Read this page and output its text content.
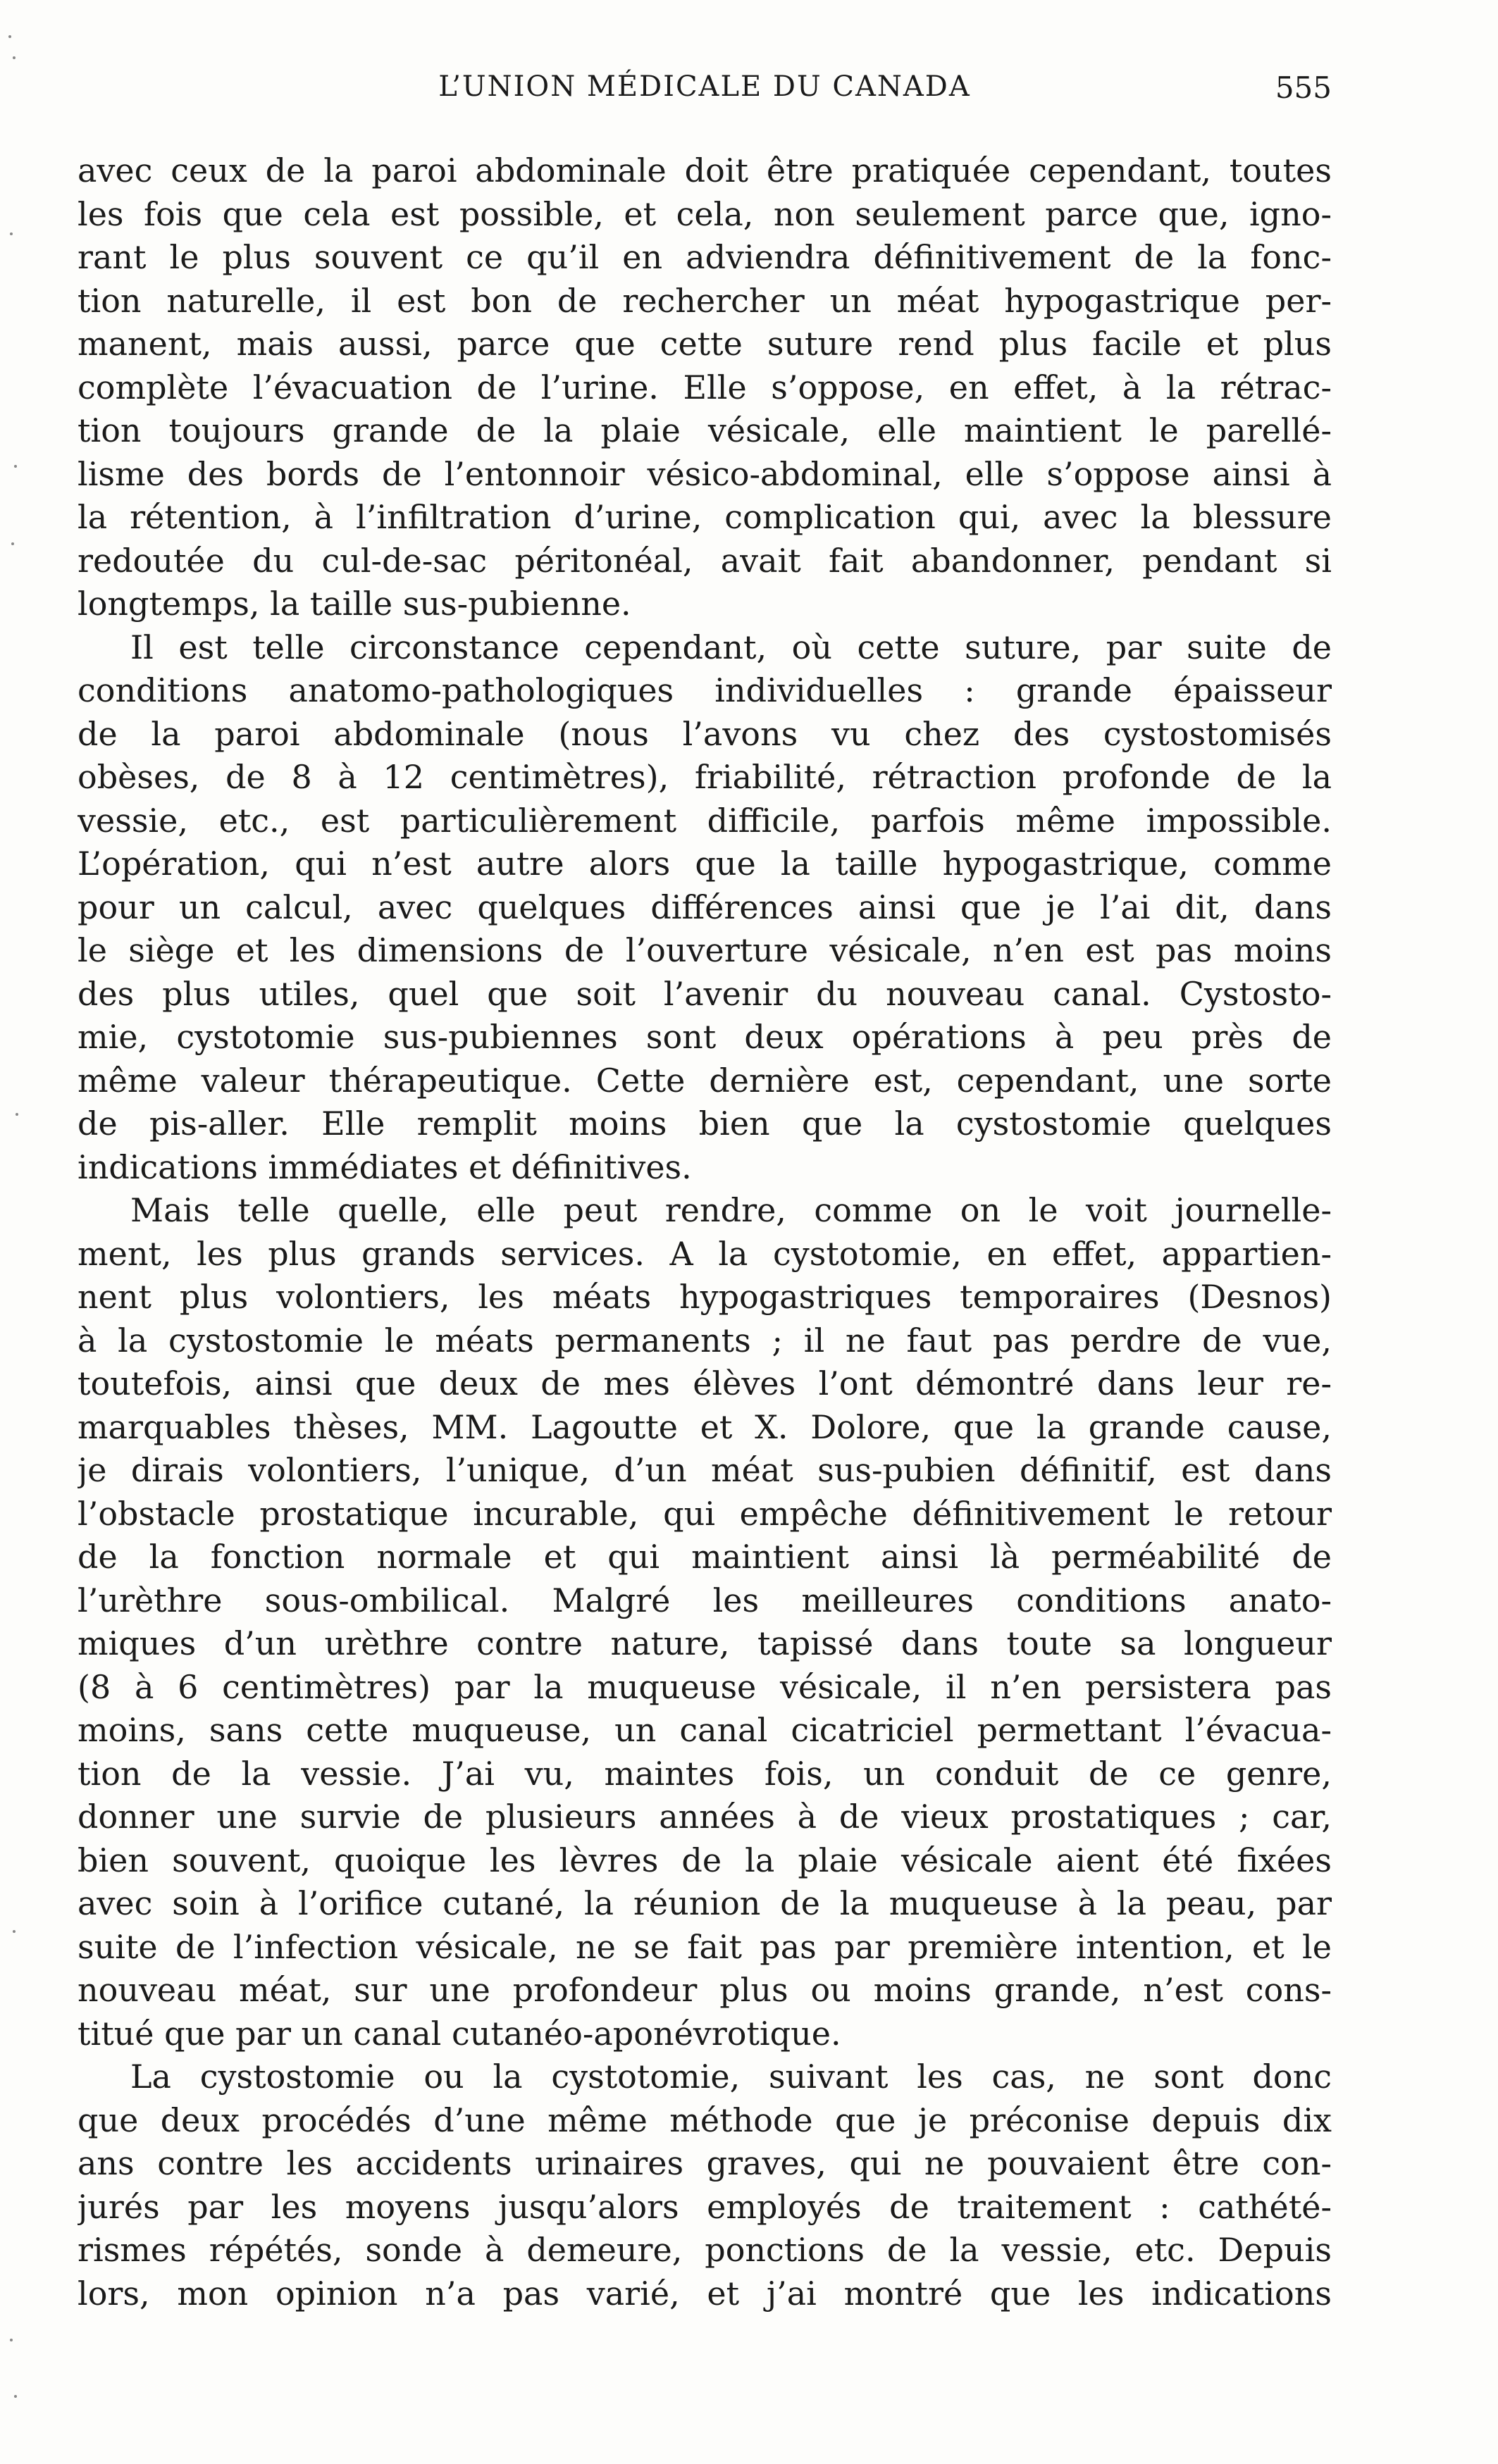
L’UNION MÉDICALE DU CANADA	555
avec ceux de la paroi abdominale doit être pratiquée cependant, toutes
les fois que cela est possible, et cela, non seulement parce que, igno-
rant le plus souvent ce qu’il en adviendra définitivement de la fonc-
tion naturelle, il est bon de rechercher un méat hypogastrique per-
manent, mais aussi, parce que cette suture rend plus facile et plus
complète l’évacuation de l’urine. Elle s’oppose, en effet, à la rétrac-
tion toujours grande de la plaie vésicale, elle maintient le parellé-
lisme des bords de l’entonnoir vésico-abdominal, elle s’oppose ainsi à
la rétention, à l’infiltration d’urine, complication qui, avec la blessure
redoutée du cul-de-sac péritonéal, avait fait abandonner, pendant si
longtemps, la taille sus-pubienne.
Il est telle circonstance cependant, où cette suture, par suite de
conditions anatomo-pathologiques individuelles : grande épaisseur
de la paroi abdominale (nous l’avons vu chez des cystostomisés
obèses, de 8 à 12 centimètres), friabilité, rétraction profonde de la
vessie, etc., est particulièrement difficile, parfois même impossible.
L’opération, qui n’est autre alors que la taille hypogastrique, comme
pour un calcul, avec quelques différences ainsi que je l’ai dit, dans
le siège et les dimensions de l’ouverture vésicale, n’en est pas moins
des plus utiles, quel que soit l’avenir du nouveau canal. Cystosto-
mie, cystotomie sus-pubiennes sont deux opérations à peu près de
même valeur thérapeutique. Cette dernière est, cependant, une sorte
de pis-aller. Elle remplit moins bien que la cystostomie quelques
indications immédiates et définitives.
Mais telle quelle, elle peut rendre, comme on le voit journelle-
ment, les plus grands services. A la cystotomie, en effet, appartien-
nent plus volontiers, les méats hypogastriques temporaires (Desnos)
à la cystostomie le méats permanents ; il ne faut pas perdre de vue,
toutefois, ainsi que deux de mes élèves l’ont démontré dans leur re-
marquables thèses, MM. Lagoutte et X. Dolore, que la grande cause,
je dirais volontiers, l’unique, d’un méat sus-pubien définitif, est dans
l’obstacle prostatique incurable, qui empêche définitivement le retour
de la fonction normale et qui maintient ainsi là perméabilité de
l’urèthre sous-ombilical. Malgré les meilleures conditions anato-
miques d’un urèthre contre nature, tapissé dans toute sa longueur
(8 à 6 centimètres) par la muqueuse vésicale, il n’en persistera pas
moins, sans cette muqueuse, un canal cicatriciel permettant l’évacua-
tion de la vessie. J’ai vu, maintes fois, un conduit de ce genre,
donner une survie de plusieurs années à de vieux prostatiques ; car,
bien souvent, quoique les lèvres de la plaie vésicale aient été fixées
avec soin à l’orifice cutané, la réunion de la muqueuse à la peau, par
suite de l’infection vésicale, ne se fait pas par première intention, et le
nouveau méat, sur une profondeur plus ou moins grande, n’est cons-
titué que par un canal cutanéo-aponévrotique.
La cystostomie ou la cystotomie, suivant les cas, ne sont donc
que deux procédés d’une même méthode que je préconise depuis dix
ans contre les accidents urinaires graves, qui ne pouvaient être con-
jurés par les moyens jusqu’alors employés de traitement : cathété-
rismes répétés, sonde à demeure, ponctions de la vessie, etc. Depuis
lors, mon opinion n’a pas varié, et j’ai montré que les indications
